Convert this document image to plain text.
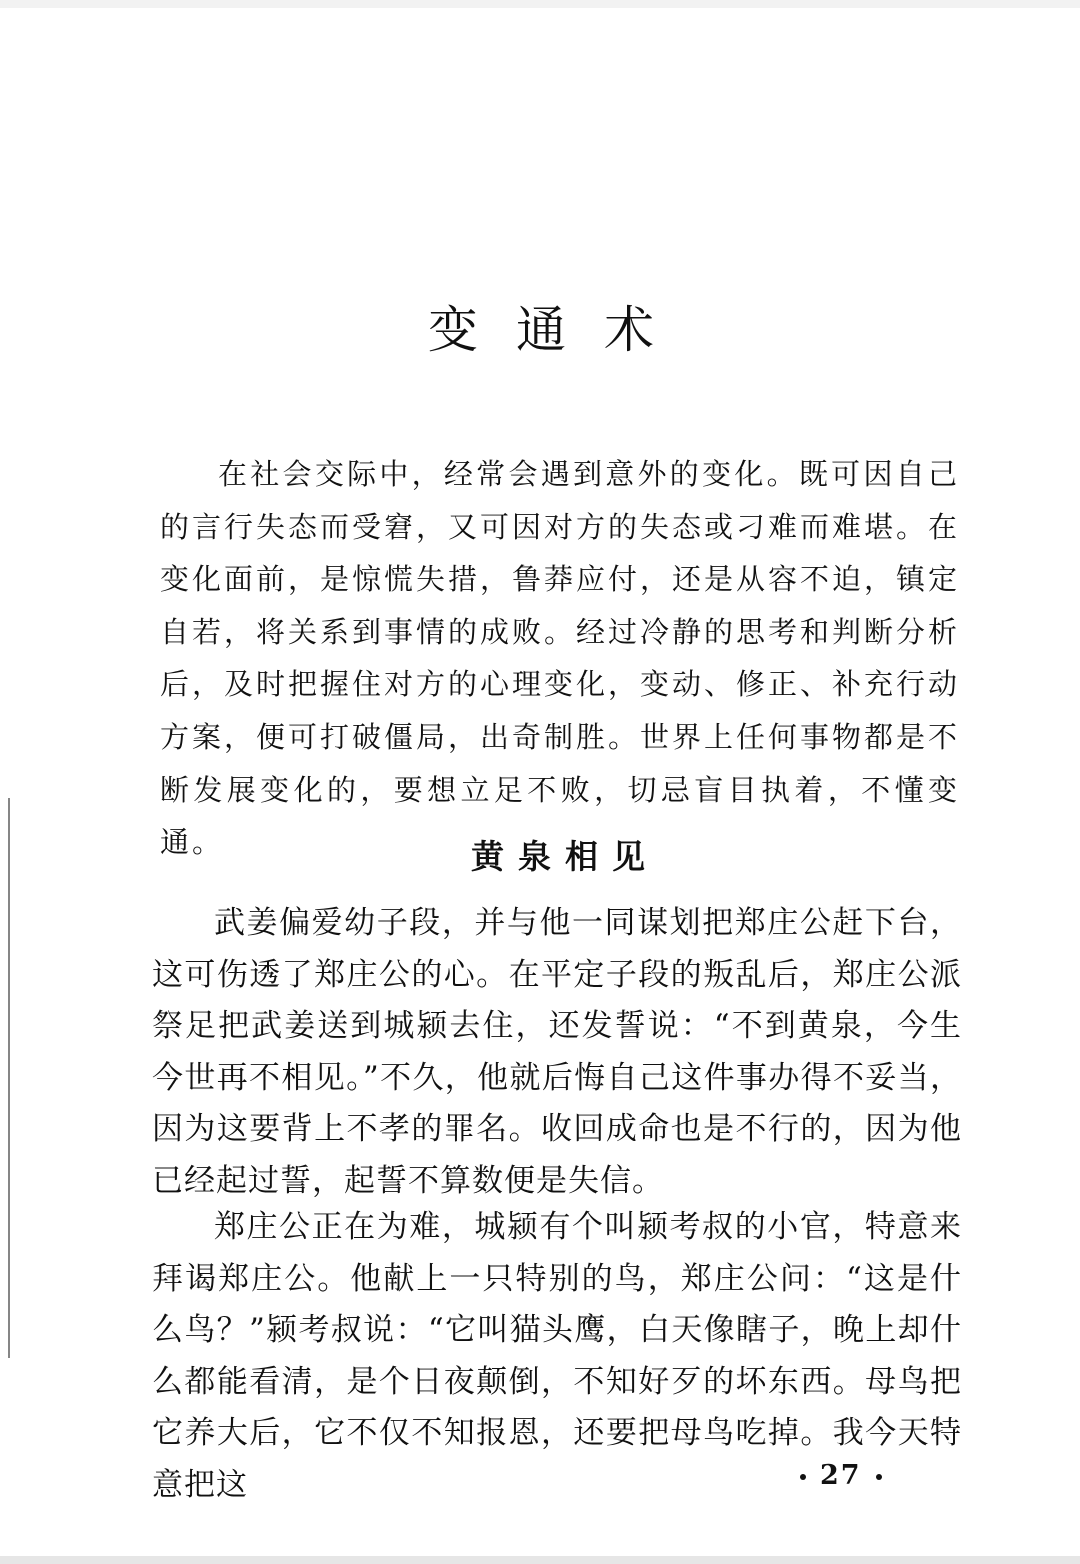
变通术

在社会交际中，经常会遇到意外的变化。既可因自己的言行失态而受窘，又可因对方的失态或刁难而难堪。在变化面前，是惊慌失措，鲁莽应付，还是从容不迫，镇定自若，将关系到事情的成败。经过冷静的思考和判断分析后，及时把握住对方的心理变化，变动、修正、补充行动方案，便可打破僵局，出奇制胜。世界上任何事物都是不断发展变化的，要想立足不败，切忌盲目执着，不懂变通。	黄泉相见

武姜偏爱幼子段，并与他一同谋划把郑庄公赶下台，这可伤透了郑庄公的心。在平定子段的叛乱后，郑庄公派祭足把武姜送到城颍去住，还发誓说：“不到黄泉，今生今世再不相见。”不久，他就后悔自己这件事办得不妥当，因为这要背上不孝的罪名。收回成命也是不行的，因为他已经起过誓，起誓不算数便是失信。

郑庄公正在为难，城颍有个叫颍考叔的小官，特意来拜谒郑庄公。他献上一只特别的鸟，郑庄公问：“这是什么鸟？”颍考叔说：“它叫猫头鹰，白天像瞎子，晚上却什么都能看清，是个日夜颠倒，不知好歹的坏东西。母鸟把它养大后，它不仅不知报恩，还要把母鸟吃掉。我今天特意把这	27
